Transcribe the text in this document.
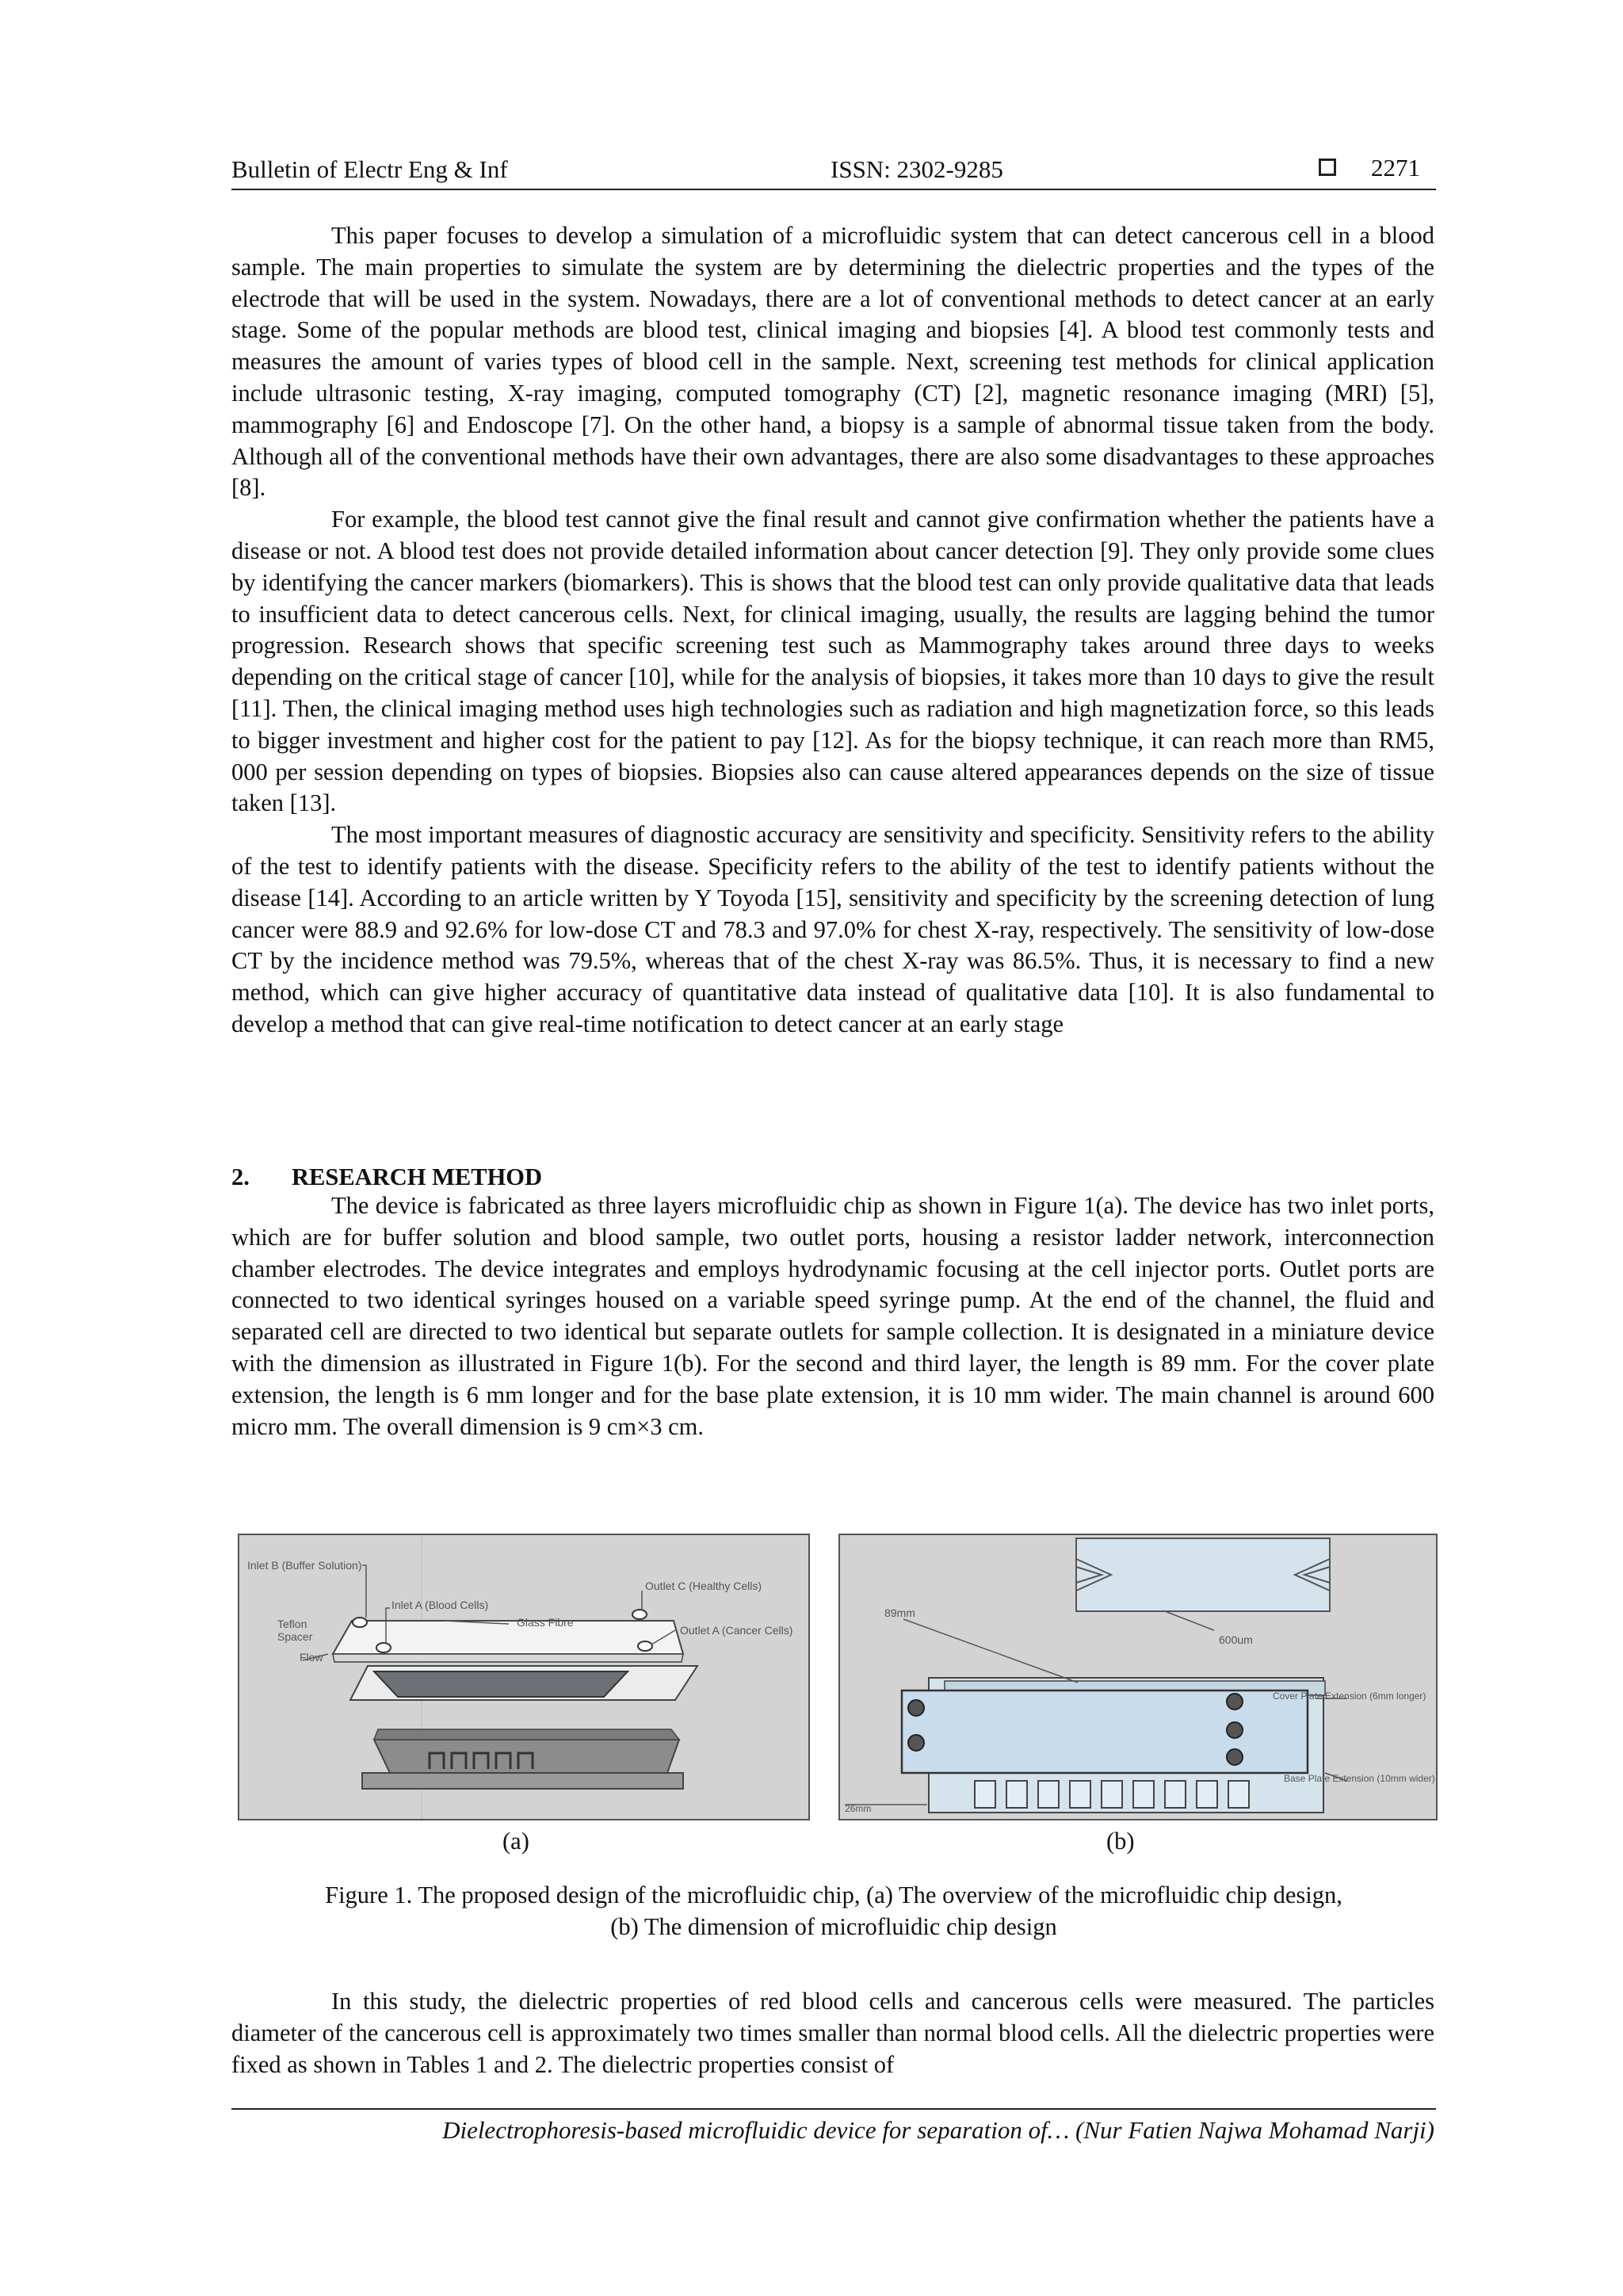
Bulletin of Electr Eng & Inf	ISSN: 2302-9285	2271

This paper focuses to develop a simulation of a microfluidic system that can detect cancerous cell in a blood sample. The main properties to simulate the system are by determining the dielectric properties and the types of the electrode that will be used in the system. Nowadays, there are a lot of conventional methods to detect cancer at an early stage. Some of the popular methods are blood test, clinical imaging and biopsies [4]. A blood test commonly tests and measures the amount of varies types of blood cell in the sample. Next, screening test methods for clinical application include ultrasonic testing, X-ray imaging, computed tomography (CT) [2], magnetic resonance imaging (MRI) [5], mammography [6] and Endoscope [7]. On the other hand, a biopsy is a sample of abnormal tissue taken from the body. Although all of the conventional methods have their own advantages, there are also some disadvantages to these approaches [8].

For example, the blood test cannot give the final result and cannot give confirmation whether the patients have a disease or not. A blood test does not provide detailed information about cancer detection [9]. They only provide some clues by identifying the cancer markers (biomarkers). This is shows that the blood test can only provide qualitative data that leads to insufficient data to detect cancerous cells. Next, for clinical imaging, usually, the results are lagging behind the tumor progression. Research shows that specific screening test such as Mammography takes around three days to weeks depending on the critical stage of cancer [10], while for the analysis of biopsies, it takes more than 10 days to give the result [11]. Then, the clinical imaging method uses high technologies such as radiation and high magnetization force, so this leads to bigger investment and higher cost for the patient to pay [12]. As for the biopsy technique, it can reach more than RM5, 000 per session depending on types of biopsies. Biopsies also can cause altered appearances depends on the size of tissue taken [13].

The most important measures of diagnostic accuracy are sensitivity and specificity. Sensitivity refers to the ability of the test to identify patients with the disease. Specificity refers to the ability of the test to identify patients without the disease [14]. According to an article written by Y Toyoda [15], sensitivity and specificity by the screening detection of lung cancer were 88.9 and 92.6% for low-dose CT and 78.3 and 97.0% for chest X-ray, respectively. The sensitivity of low-dose CT by the incidence method was 79.5%, whereas that of the chest X-ray was 86.5%. Thus, it is necessary to find a new method, which can give higher accuracy of quantitative data instead of qualitative data [10]. It is also fundamental to develop a method that can give real-time notification to detect cancer at an early stage

2. RESEARCH METHOD

The device is fabricated as three layers microfluidic chip as shown in Figure 1(a). The device has two inlet ports, which are for buffer solution and blood sample, two outlet ports, housing a resistor ladder network, interconnection chamber electrodes. The device integrates and employs hydrodynamic focusing at the cell injector ports. Outlet ports are connected to two identical syringes housed on a variable speed syringe pump. At the end of the channel, the fluid and separated cell are directed to two identical but separate outlets for sample collection. It is designated in a miniature device with the dimension as illustrated in Figure 1(b). For the second and third layer, the length is 89 mm. For the cover plate extension, the length is 6 mm longer and for the base plate extension, it is 10 mm wider. The main channel is around 600 micro mm. The overall dimension is 9 cm×3 cm.

Inlet B (Buffer Solution)
Inlet A (Blood Cells)
Outlet C (Healthy Cells)
Glass Fibre
Outlet A (Cancer Cells)
Teflon
Spacer
Flow
89mm
600um
Cover Plate Extension (6mm longer)
Base Plate Extension (10mm wider)
26mm
(a)	(b)
Figure 1. The proposed design of the microfluidic chip, (a) The overview of the microfluidic chip design,
(b) The dimension of microfluidic chip design

In this study, the dielectric properties of red blood cells and cancerous cells were measured. The particles diameter of the cancerous cell is approximately two times smaller than normal blood cells. All the dielectric properties were fixed as shown in Tables 1 and 2. The dielectric properties consist of

Dielectrophoresis-based microfluidic device for separation of… (Nur Fatien Najwa Mohamad Narji)
